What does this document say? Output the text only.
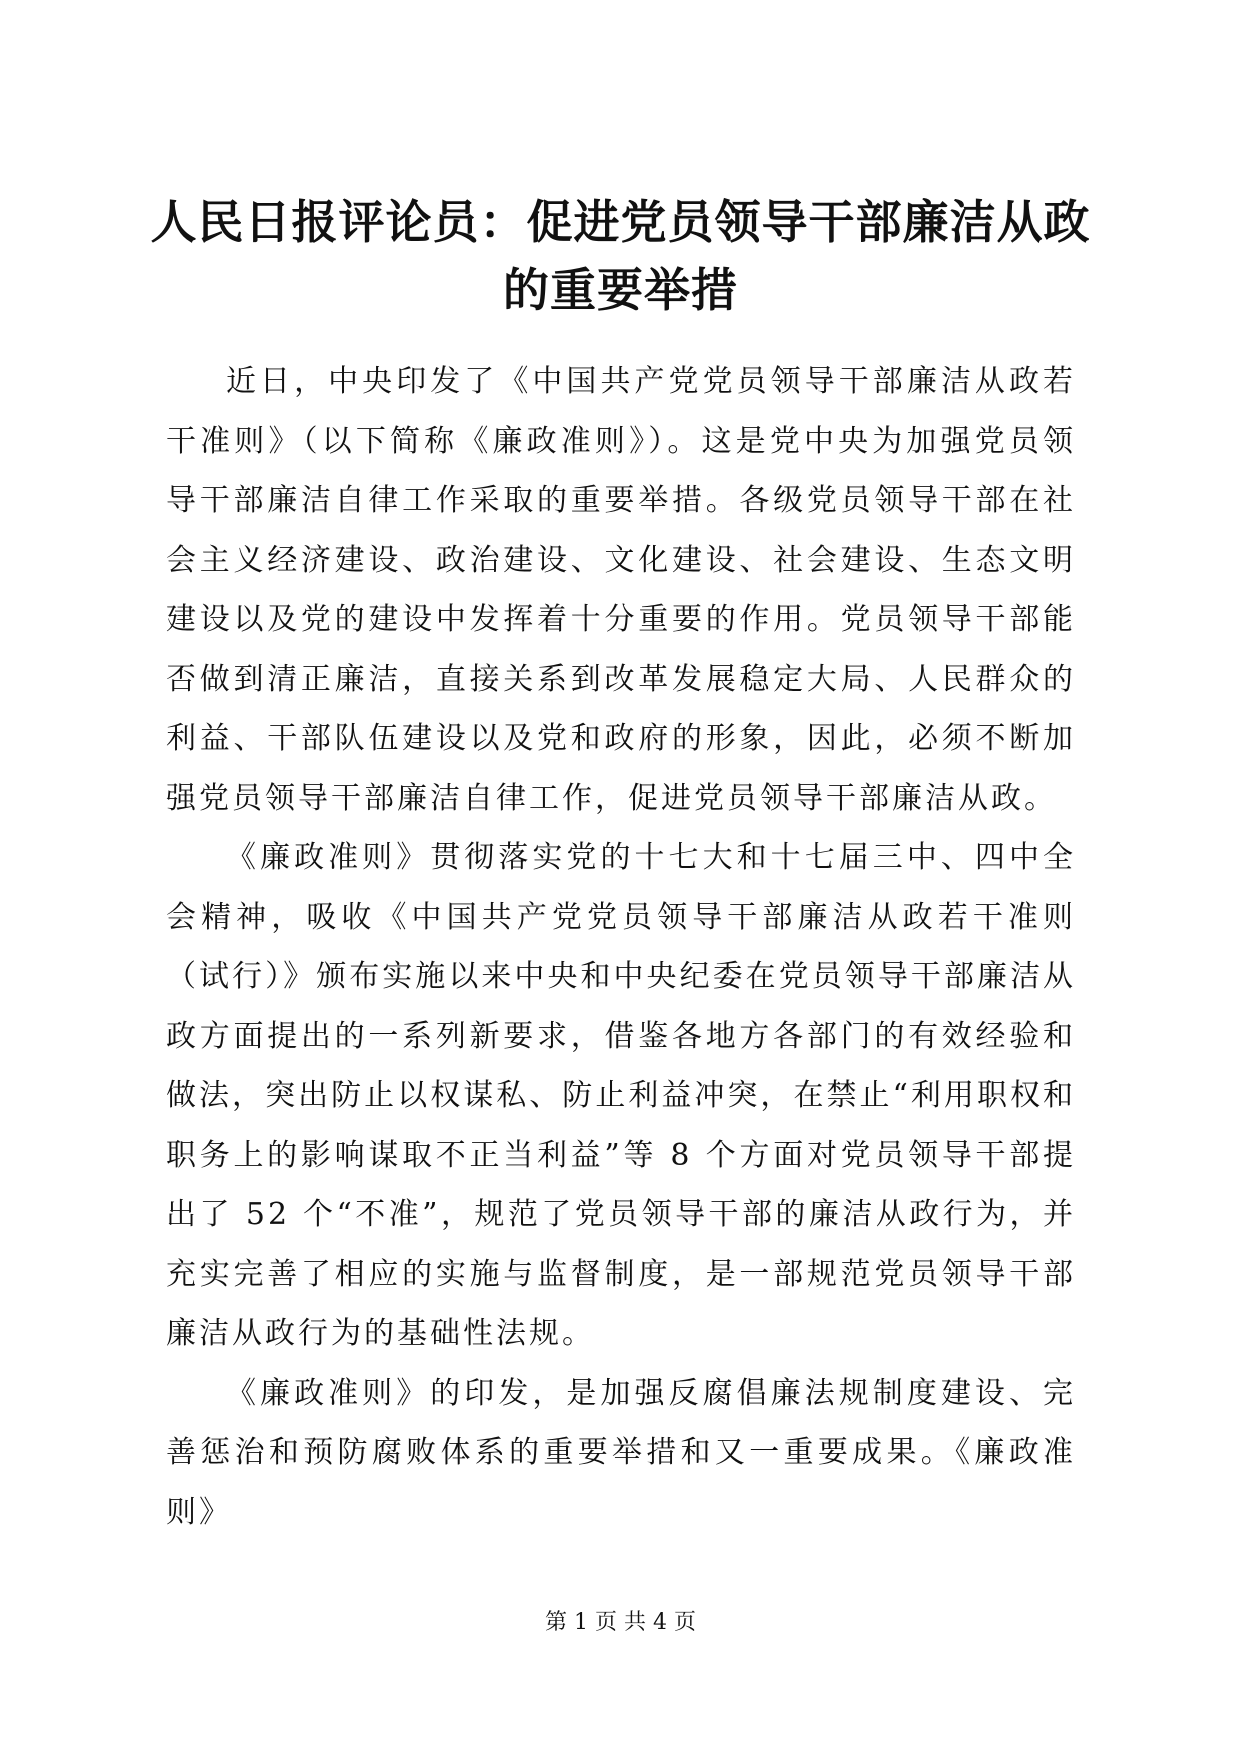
人民日报评论员：促进党员领导干部廉洁从政
的重要举措

近日，中央印发了《中国共产党党员领导干部廉洁从政若干准则》（以下简称《廉政准则》）。这是党中央为加强党员领导干部廉洁自律工作采取的重要举措。各级党员领导干部在社会主义经济建设、政治建设、文化建设、社会建设、生态文明建设以及党的建设中发挥着十分重要的作用。党员领导干部能否做到清正廉洁，直接关系到改革发展稳定大局、人民群众的利益、干部队伍建设以及党和政府的形象，因此，必须不断加强党员领导干部廉洁自律工作，促进党员领导干部廉洁从政。

《廉政准则》贯彻落实党的十七大和十七届三中、四中全会精神，吸收《中国共产党党员领导干部廉洁从政若干准则（试行）》颁布实施以来中央和中央纪委在党员领导干部廉洁从政方面提出的一系列新要求，借鉴各地方各部门的有效经验和做法，突出防止以权谋私、防止利益冲突，在禁止“利用职权和职务上的影响谋取不正当利益”等 8 个方面对党员领导干部提出了 52 个“不准”，规范了党员领导干部的廉洁从政行为，并充实完善了相应的实施与监督制度，是一部规范党员领导干部廉洁从政行为的基础性法规。

《廉政准则》的印发，是加强反腐倡廉法规制度建设、完善惩治和预防腐败体系的重要举措和又一重要成果。《廉政准则》

第 1 页 共 4 页
